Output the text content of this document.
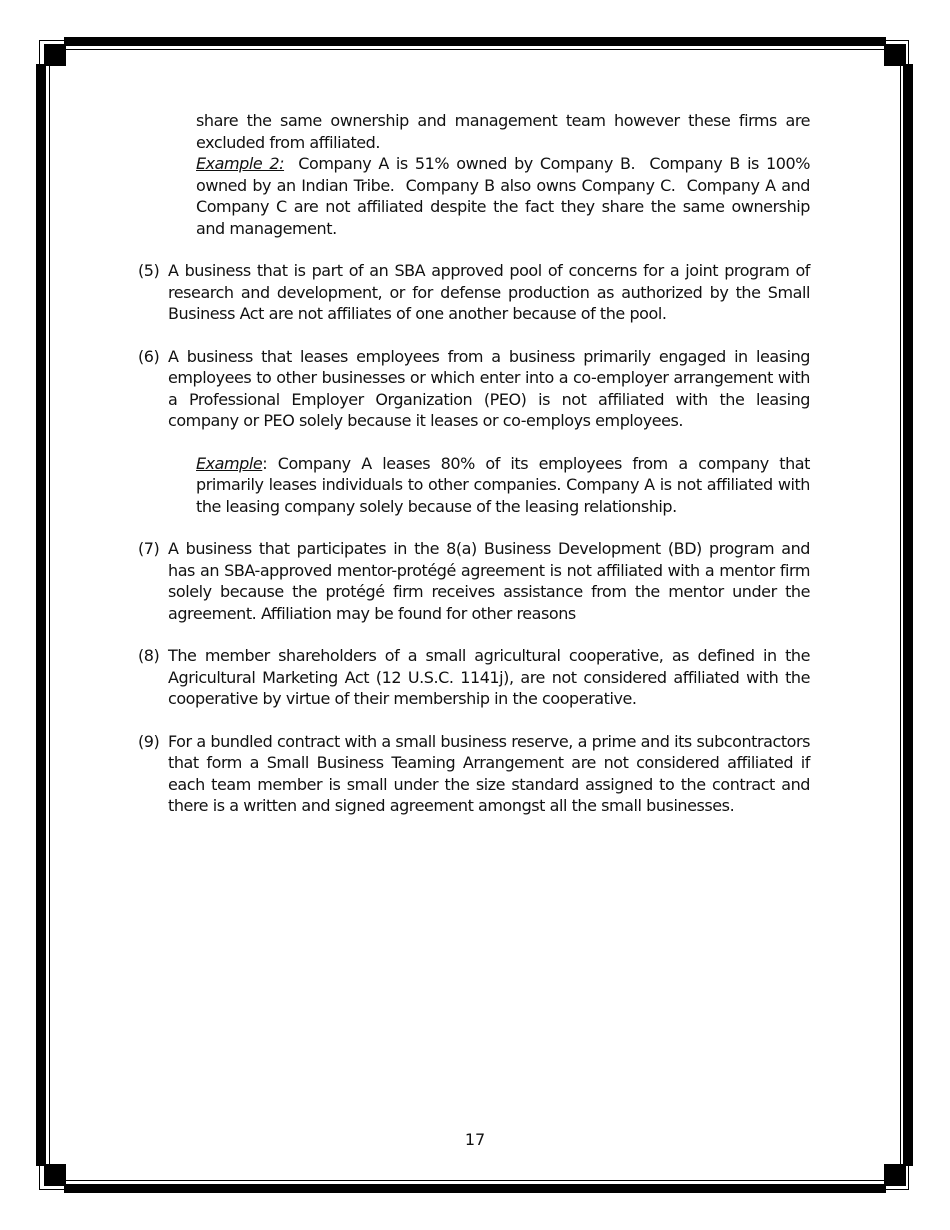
share the same ownership and management team however these firms are excluded from affiliated.

Example 2:  Company A is 51% owned by Company B.  Company B is 100% owned by an Indian Tribe.  Company B also owns Company C.  Company A and Company C are not affiliated despite the fact they share the same ownership and management.

(5) A business that is part of an SBA approved pool of concerns for a joint program of research and development, or for defense production as authorized by the Small Business Act are not affiliates of one another because of the pool.
(6) A business that leases employees from a business primarily engaged in leasing employees to other businesses or which enter into a co-employer arrangement with a Professional Employer Organization (PEO) is not affiliated with the leasing company or PEO solely because it leases or co-employs employees.
Example: Company A leases 80% of its employees from a company that primarily leases individuals to other companies. Company A is not affiliated with the leasing company solely because of the leasing relationship.
(7) A business that participates in the 8(a) Business Development (BD) program and has an SBA-approved mentor-protégé agreement is not affiliated with a mentor firm solely because the protégé firm receives assistance from the mentor under the agreement. Affiliation may be found for other reasons
(8) The member shareholders of a small agricultural cooperative, as defined in the Agricultural Marketing Act (12 U.S.C. 1141j), are not considered affiliated with the cooperative by virtue of their membership in the cooperative.
(9) For a bundled contract with a small business reserve, a prime and its subcontractors that form a Small Business Teaming Arrangement are not considered affiliated if each team member is small under the size standard assigned to the contract and there is a written and signed agreement amongst all the small businesses.
17
